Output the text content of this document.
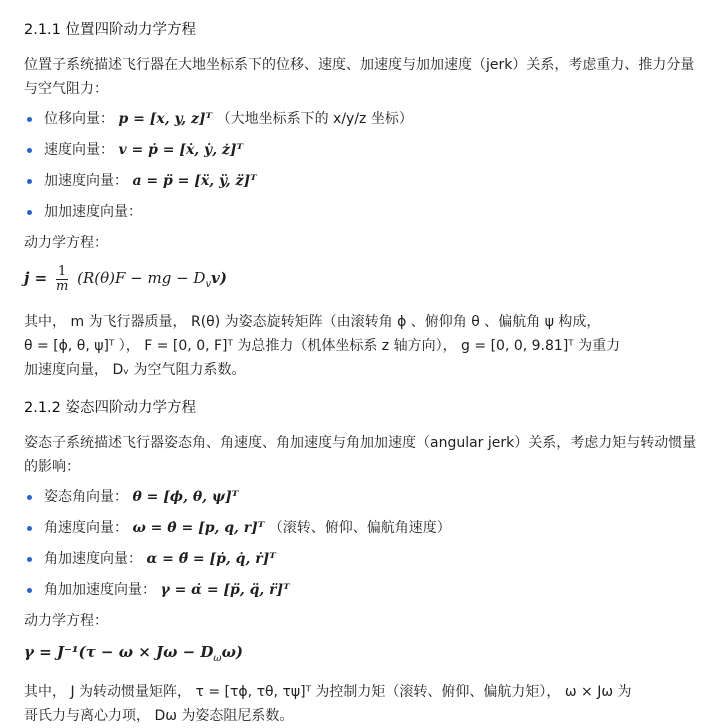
2.1.1 位置四阶动力学方程

位置子系统描述飞行器在大地坐标系下的位移、速度、加速度与加加速度（jerk）关系，考虑重力、推力分量与空气阻力：

位移向量： p = [x, y, z]ᵀ （大地坐标系下的 x/y/z 坐标）
速度向量： v = ṗ = [ẋ, ẏ, ż]ᵀ
加速度向量： a = p̈ = [ẍ, ÿ, z̈]ᵀ
加加速度向量：

动力学方程：

$j = \frac{1}{m} (R(\theta)F$ − mg − $D_vv$)

其中， m 为飞行器质量， R(θ) 为姿态旋转矩阵（由滚转角 ϕ 、俯仰角 θ 、偏航角 ψ 构成，

θ = [ϕ, θ, ψ]ᵀ ）， F = [0, 0, F]ᵀ 为总推力（机体坐标系 z 轴方向）， g = [0, 0, 9.81]ᵀ 为重力

加速度向量， Dᵥ 为空气阻力系数。

2.1.2 姿态四阶动力学方程

姿态子系统描述飞行器姿态角、角速度、角加速度与角加加速度（angular jerk）关系，考虑力矩与转动惯量的影响：

姿态角向量： θ = [ϕ, θ, ψ]ᵀ
角速度向量： ω = θ̇ = [p, q, r]ᵀ （滚转、俯仰、偏航角速度）
角加速度向量： α = θ̈ = [ṗ, q̇, ṙ]ᵀ
角加加速度向量： γ = α̇ = [p̈, q̈, r̈]ᵀ

动力学方程：

$\gamma = J^{-1}(\tau - \omega \times J\omega - D_\omega\omega)$

其中， J 为转动惯量矩阵， τ = [τϕ, τθ, τψ]ᵀ 为控制力矩（滚转、俯仰、偏航力矩）， ω × Jω 为

哥氏力与离心力项， Dω 为姿态阻尼系数。
